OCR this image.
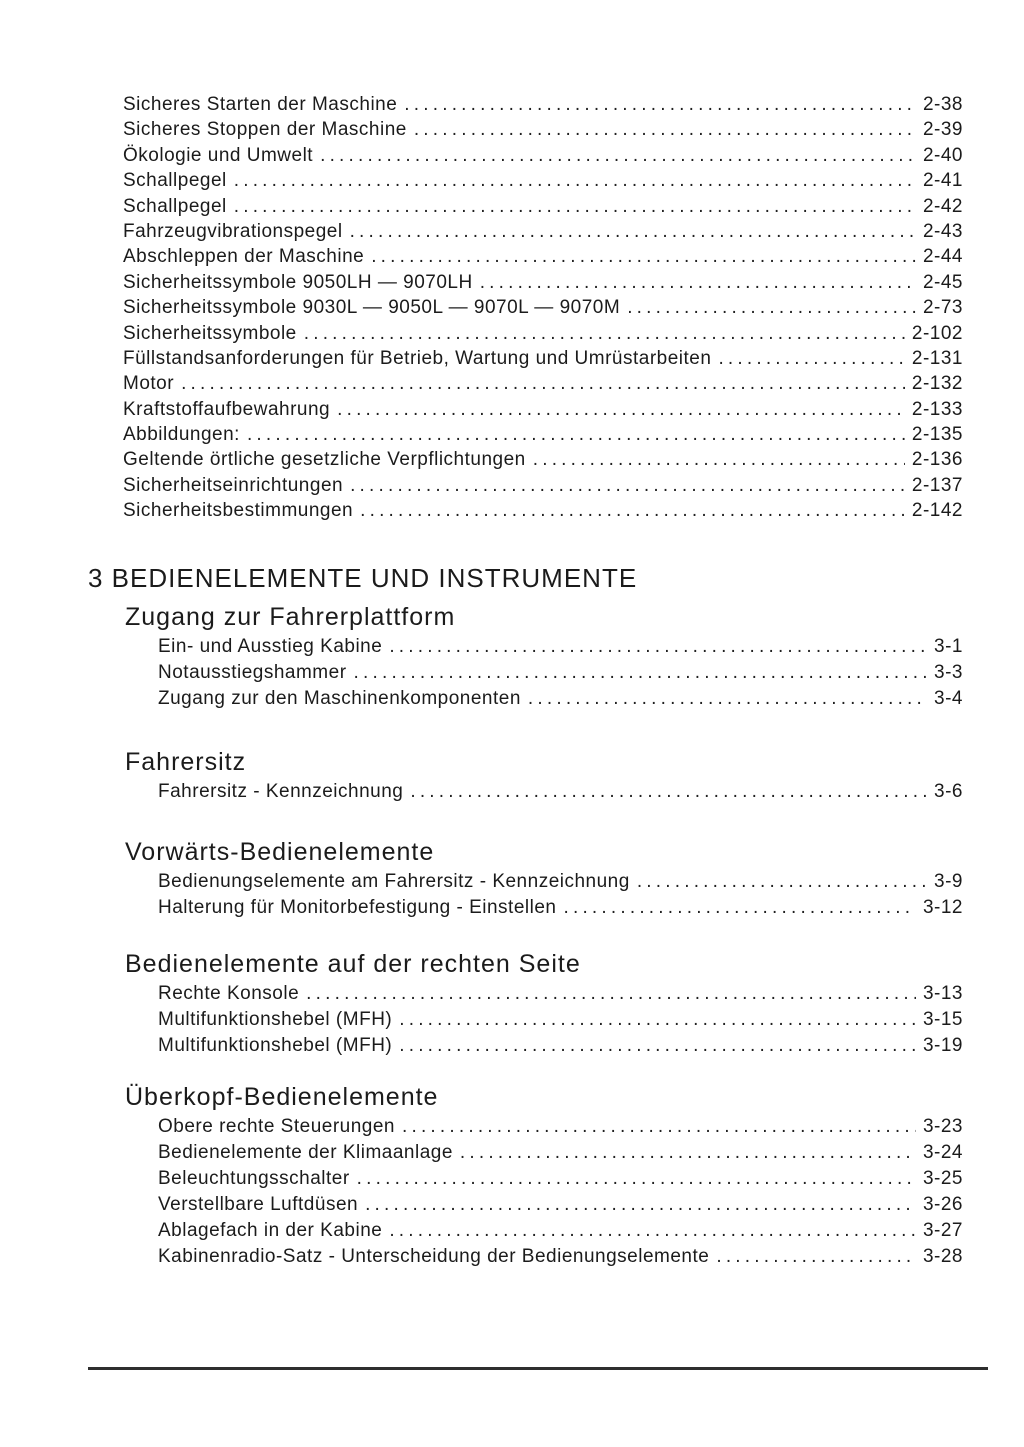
Sicheres Starten der Maschine .....	2-38
Sicheres Stoppen der Maschine .....	2-39
Ökologie und Umwelt .....	2-40
Schallpegel .....	2-41
Schallpegel .....	2-42
Fahrzeugvibrationspegel .....	2-43
Abschleppen der Maschine .....	2-44
Sicherheitssymbole 9050LH — 9070LH .....	2-45
Sicherheitssymbole 9030L — 9050L — 9070L — 9070M .....	2-73
Sicherheitssymbole .....	2-102
Füllstandsanforderungen für Betrieb, Wartung und Umrüstarbeiten .....	2-131
Motor .....	2-132
Kraftstoffaufbewahrung .....	2-133
Abbildungen: .....	2-135
Geltende örtliche gesetzliche Verpflichtungen .....	2-136
Sicherheitseinrichtungen .....	2-137
Sicherheitsbestimmungen .....	2-142
3 BEDIENELEMENTE UND INSTRUMENTE
Zugang zur Fahrerplattform
Ein- und Ausstieg Kabine .....	3-1
Notausstiegshammer .....	3-3
Zugang zur den Maschinenkomponenten .....	3-4
Fahrersitz
Fahrersitz - Kennzeichnung .....	3-6
Vorwärts-Bedienelemente
Bedienungselemente am Fahrersitz - Kennzeichnung .....	3-9
Halterung für Monitorbefestigung - Einstellen .....	3-12
Bedienelemente auf der rechten Seite
Rechte Konsole .....	3-13
Multifunktionshebel (MFH) .....	3-15
Multifunktionshebel (MFH) .....	3-19
Überkopf-Bedienelemente
Obere rechte Steuerungen .....	3-23
Bedienelemente der Klimaanlage .....	3-24
Beleuchtungsschalter .....	3-25
Verstellbare Luftdüsen .....	3-26
Ablagefach in der Kabine .....	3-27
Kabinenradio-Satz - Unterscheidung der Bedienungselemente .....	3-28
